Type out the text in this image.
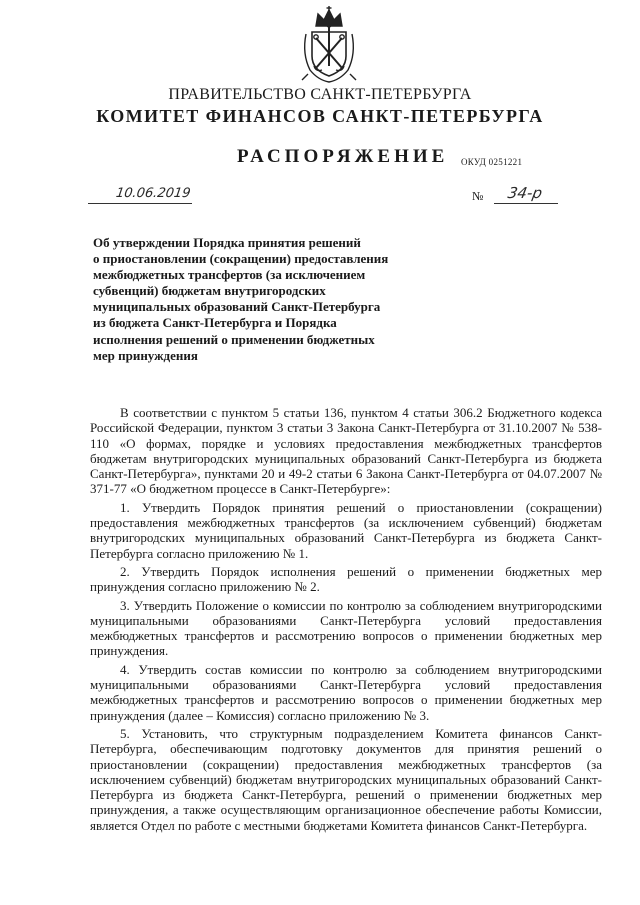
ПРАВИТЕЛЬСТВО САНКТ-ПЕТЕРБУРГА
КОМИТЕТ ФИНАНСОВ САНКТ-ПЕТЕРБУРГА
РАСПОРЯЖЕНИЕ ОКУД 0251221
10.06.2019	№ 34-р
Об утверждении Порядка принятия решений
о приостановлении (сокращении) предоставления
межбюджетных трансфертов (за исключением
субвенций) бюджетам внутригородских
муниципальных образований Санкт-Петербурга
из бюджета Санкт-Петербурга и Порядка
исполнения решений о применении бюджетных
мер принуждения

В соответствии с пунктом 5 статьи 136, пунктом 4 статьи 306.2 Бюджетного кодекса Российской Федерации, пунктом 3 статьи 3 Закона Санкт-Петербурга от 31.10.2007 № 538-110 «О формах, порядке и условиях предоставления межбюджетных трансфертов бюджетам внутригородских муниципальных образований Санкт-Петербурга из бюджета Санкт-Петербурга», пунктами 20 и 49-2 статьи 6 Закона Санкт-Петербурга от 04.07.2007 № 371-77 «О бюджетном процессе в Санкт-Петербурге»:

1. Утвердить Порядок принятия решений о приостановлении (сокращении) предоставления межбюджетных трансфертов (за исключением субвенций) бюджетам внутригородских муниципальных образований Санкт-Петербурга из бюджета Санкт-Петербурга согласно приложению № 1.

2. Утвердить Порядок исполнения решений о применении бюджетных мер принуждения согласно приложению № 2.

3. Утвердить Положение о комиссии по контролю за соблюдением внутригородскими муниципальными образованиями Санкт-Петербурга условий предоставления межбюджетных трансфертов и рассмотрению вопросов о применении бюджетных мер принуждения.

4. Утвердить состав комиссии по контролю за соблюдением внутригородскими муниципальными образованиями Санкт-Петербурга условий предоставления межбюджетных трансфертов и рассмотрению вопросов о применении бюджетных мер принуждения (далее – Комиссия) согласно приложению № 3.

5. Установить, что структурным подразделением Комитета финансов Санкт-Петербурга, обеспечивающим подготовку документов для принятия решений о приостановлении (сокращении) предоставления межбюджетных трансфертов (за исключением субвенций) бюджетам внутригородских муниципальных образований Санкт-Петербурга из бюджета Санкт-Петербурга, решений о применении бюджетных мер принуждения, а также осуществляющим организационное обеспечение работы Комиссии, является Отдел по работе с местными бюджетами Комитета финансов Санкт-Петербурга.
